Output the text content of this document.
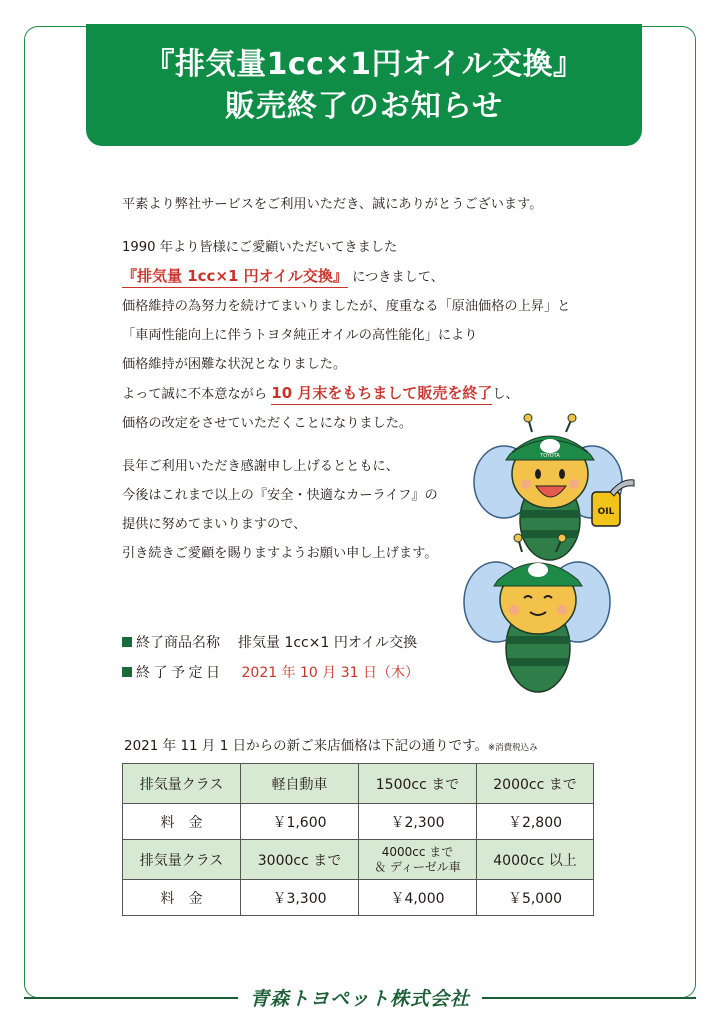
『排気量1cc×1円オイル交換』
販売終了のお知らせ

平素より弊社サービスをご利用いただき、誠にありがとうございます。

1990 年より皆様にご愛顧いただいてきました

『排気量 1cc×1 円オイル交換』 につきまして、

価格維持の為努力を続けてまいりましたが、度重なる「原油価格の上昇」と

「車両性能向上に伴うトヨタ純正オイルの高性能化」により

価格維持が困難な状況となりました。

よって誠に不本意ながら 10 月末をもちまして販売を終了し、

価格の改定をさせていただくことになりました。

長年ご利用いただき感謝申し上げるとともに、

今後はこれまで以上の『安全・快適なカーライフ』の

提供に努めてまいりますので、

引き続きご愛顧を賜りますようお願い申し上げます。

TOYOTA
OIL
終了商品名称 排気量 1cc×1 円オイル交換
終了予定日 2021 年 10 月 31 日（木）
2021 年 11 月 1 日からの新ご来店価格は下記の通りです。※消費税込み
排気量クラス	軽自動車	1500cc まで	2000cc まで
料　金	￥1,600	￥2,300	￥2,800
排気量クラス	3000cc まで	4000cc まで
＆ ディーゼル車	4000cc 以上
料　金	￥3,300	￥4,000	￥5,000
青森トヨペット株式会社
